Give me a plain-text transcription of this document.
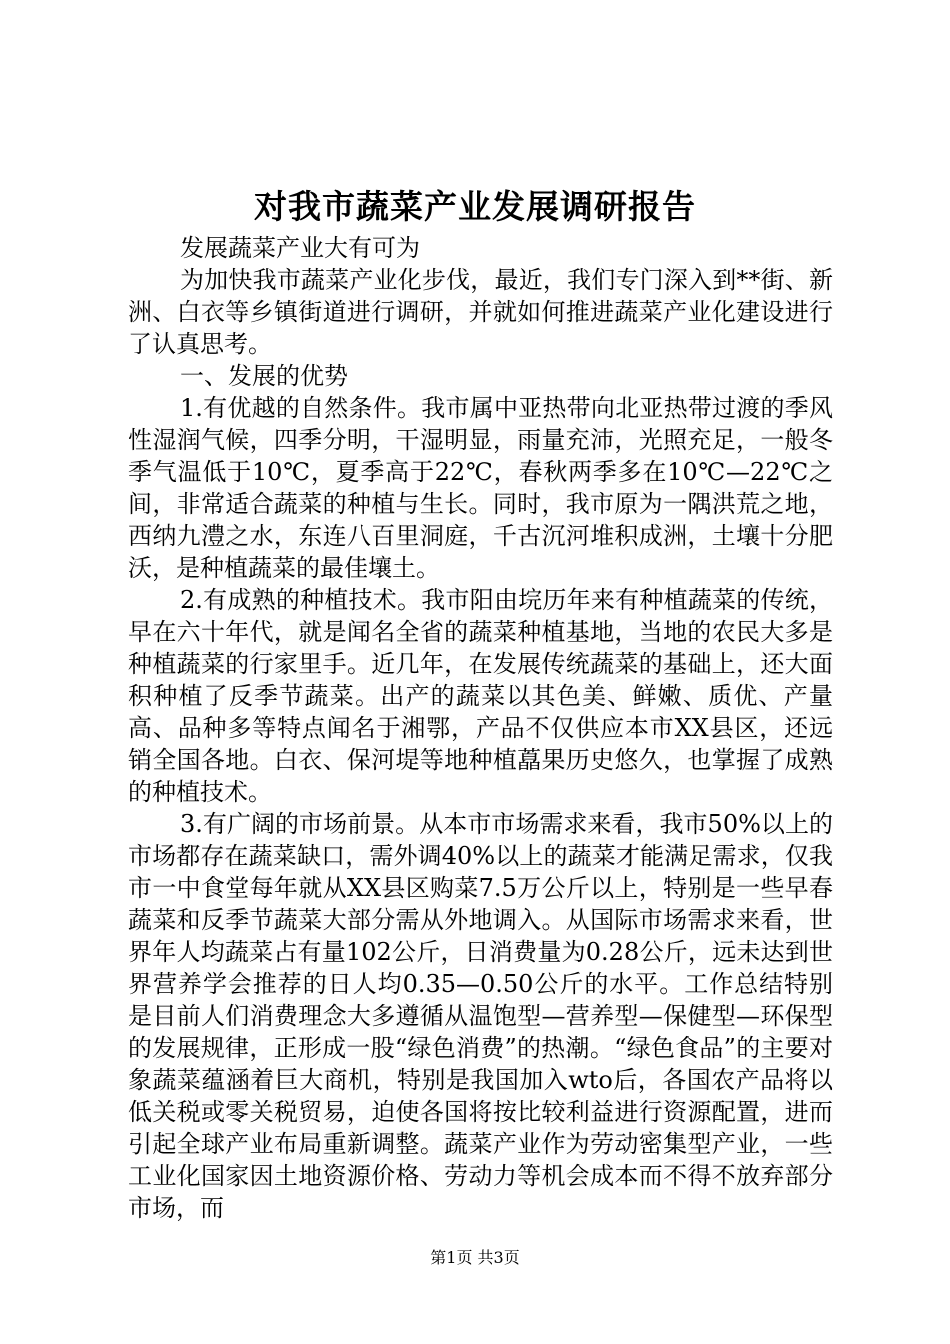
对我市蔬菜产业发展调研报告

发展蔬菜产业大有可为

为加快我市蔬菜产业化步伐，最近，我们专门深入到**街、新洲、白衣等乡镇街道进行调研，并就如何推进蔬菜产业化建设进行了认真思考。

一、发展的优势

1.有优越的自然条件。我市属中亚热带向北亚热带过渡的季风性湿润气候，四季分明，干湿明显，雨量充沛，光照充足，一般冬季气温低于10℃，夏季高于22℃，春秋两季多在10℃—22℃之间，非常适合蔬菜的种植与生长。同时，我市原为一隅洪荒之地，西纳九澧之水，东连八百里洞庭，千古沉河堆积成洲，土壤十分肥沃，是种植蔬菜的最佳壤土。

2.有成熟的种植技术。我市阳由垸历年来有种植蔬菜的传统，早在六十年代，就是闻名全省的蔬菜种植基地，当地的农民大多是种植蔬菜的行家里手。近几年，在发展传统蔬菜的基础上，还大面积种植了反季节蔬菜。出产的蔬菜以其色美、鲜嫩、质优、产量高、品种多等特点闻名于湘鄂，产品不仅供应本市XX县区，还远销全国各地。白衣、保河堤等地种植藠果历史悠久，也掌握了成熟的种植技术。

3.有广阔的市场前景。从本市市场需求来看，我市50%以上的市场都存在蔬菜缺口，需外调40%以上的蔬菜才能满足需求，仅我市一中食堂每年就从XX县区购菜7.5万公斤以上，特别是一些早春蔬菜和反季节蔬菜大部分需从外地调入。从国际市场需求来看，世界年人均蔬菜占有量102公斤，日消费量为0.28公斤，远未达到世界营养学会推荐的日人均0.35—0.50公斤的水平。工作总结特别是目前人们消费理念大多遵循从温饱型—营养型—保健型—环保型的发展规律，正形成一股“绿色消费”的热潮。“绿色食品”的主要对象蔬菜蕴涵着巨大商机，特别是我国加入wto后，各国农产品将以低关税或零关税贸易，迫使各国将按比较利益进行资源配置，进而引起全球产业布局重新调整。蔬菜产业作为劳动密集型产业，一些工业化国家因土地资源价格、劳动力等机会成本而不得不放弃部分市场，而

第1页 共3页
